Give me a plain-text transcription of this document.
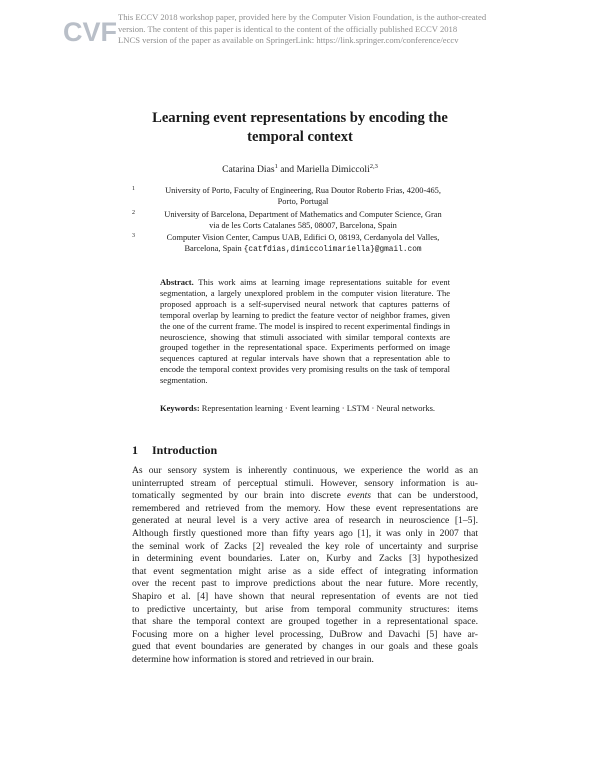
CVF This ECCV 2018 workshop paper, provided here by the Computer Vision Foundation, is the author-created
version. The content of this paper is identical to the content of the officially published ECCV 2018
LNCS version of the paper as available on SpringerLink: https://link.springer.com/conference/eccv
Learning event representations by encoding the
temporal context
Catarina Dias$^1$ and Mariella Dimiccoli$^{2,3}$
1	University of Porto, Faculty of Engineering, Rua Doutor Roberto Frias, 4200-465,
Porto, Portugal
2	University of Barcelona, Department of Mathematics and Computer Science, Gran
via de les Corts Catalanes 585, 08007, Barcelona, Spain
3	Computer Vision Center, Campus UAB, Edifici O, 08193, Cerdanyola del Valles,
Barcelona, Spain {catfdias,dimiccolimariella}@gmail.com
Abstract. This work aims at learning image representations suitable for event segmentation, a largely unexplored problem in the computer vision literature. The proposed approach is a self-supervised neural network that captures patterns of temporal overlap by learning to predict the feature vector of neighbor frames, given the one of the current frame. The model is inspired to recent experimental findings in neuroscience, showing that stimuli associated with similar temporal contexts are grouped together in the representational space. Experiments performed on image sequences captured at regular intervals have shown that a representation able to encode the temporal context provides very promising results on the task of temporal segmentation.
Keywords: Representation learning · Event learning · LSTM · Neural networks.
1 Introduction
As our sensory system is inherently continuous, we experience the world as an
uninterrupted stream of perceptual stimuli. However, sensory information is au-
tomatically segmented by our brain into discrete events that can be understood,
remembered and retrieved from the memory. How these event representations are
generated at neural level is a very active area of research in neuroscience [1–5].
Although firstly questioned more than fifty years ago [1], it was only in 2007 that
the seminal work of Zacks [2] revealed the key role of uncertainty and surprise
in determining event boundaries. Later on, Kurby and Zacks [3] hypothesized
that event segmentation might arise as a side effect of integrating information
over the recent past to improve predictions about the near future. More recently,
Shapiro et al. [4] have shown that neural representation of events are not tied
to predictive uncertainty, but arise from temporal community structures: items
that share the temporal context are grouped together in a representational space.
Focusing more on a higher level processing, DuBrow and Davachi [5] have ar-
gued that event boundaries are generated by changes in our goals and these goals
determine how information is stored and retrieved in our brain.
